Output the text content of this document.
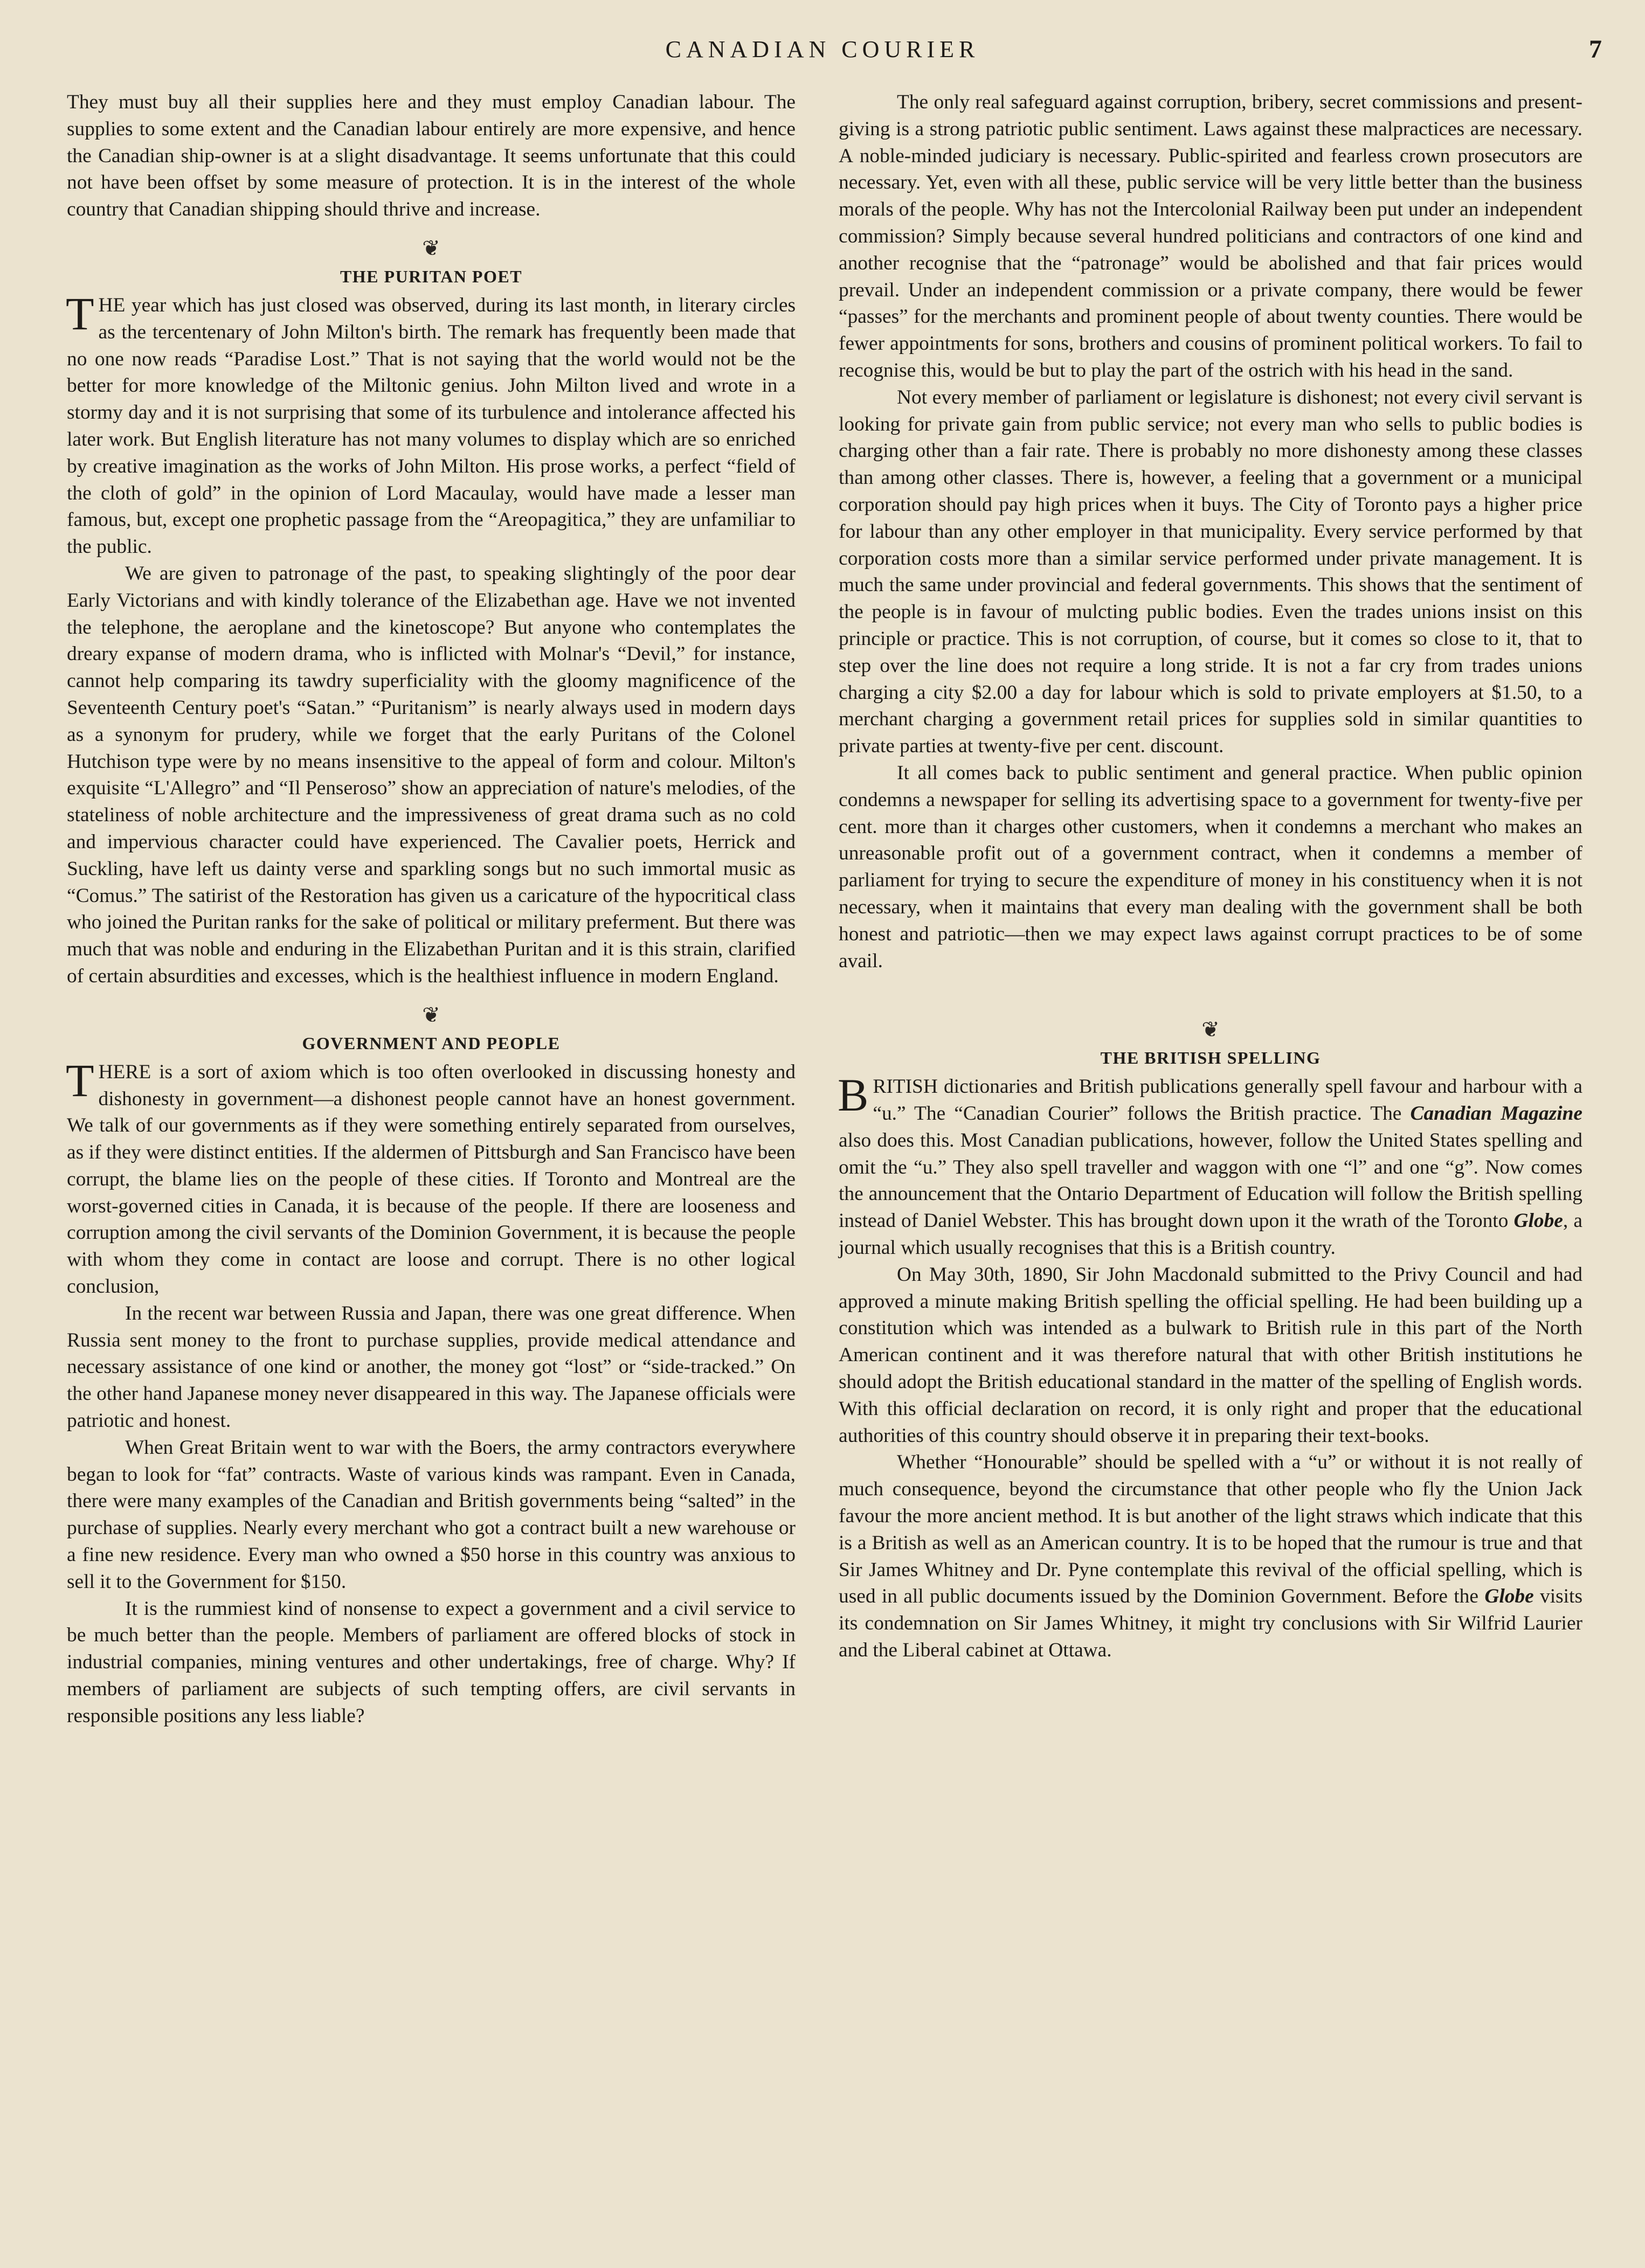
CANADIAN COURIER	7

They must buy all their supplies here and they must employ Canadian labour. The supplies to some extent and the Canadian labour entirely are more expensive, and hence the Canadian ship-owner is at a slight disadvantage. It seems unfortunate that this could not have been offset by some measure of protection. It is in the interest of the whole country that Canadian shipping should thrive and increase.

❦
THE PURITAN POET

THE year which has just closed was observed, during its last month, in literary circles as the tercentenary of John Milton's birth. The remark has frequently been made that no one now reads “Paradise Lost.” That is not saying that the world would not be the better for more knowledge of the Miltonic genius. John Milton lived and wrote in a stormy day and it is not surprising that some of its turbulence and intolerance affected his later work. But English literature has not many volumes to display which are so enriched by creative imagination as the works of John Milton. His prose works, a perfect “field of the cloth of gold” in the opinion of Lord Macaulay, would have made a lesser man famous, but, except one prophetic passage from the “Areopagitica,” they are unfamiliar to the public.

We are given to patronage of the past, to speaking slightingly of the poor dear Early Victorians and with kindly tolerance of the Elizabethan age. Have we not invented the telephone, the aeroplane and the kinetoscope? But anyone who contemplates the dreary expanse of modern drama, who is inflicted with Molnar's “Devil,” for instance, cannot help comparing its tawdry superficiality with the gloomy magnificence of the Seventeenth Century poet's “Satan.” “Puritanism” is nearly always used in modern days as a synonym for prudery, while we forget that the early Puritans of the Colonel Hutchison type were by no means insensitive to the appeal of form and colour. Milton's exquisite “L'Allegro” and “Il Penseroso” show an appreciation of nature's melodies, of the stateliness of noble architecture and the impressiveness of great drama such as no cold and impervious character could have experienced. The Cavalier poets, Herrick and Suckling, have left us dainty verse and sparkling songs but no such immortal music as “Comus.” The satirist of the Restoration has given us a caricature of the hypocritical class who joined the Puritan ranks for the sake of political or military preferment. But there was much that was noble and enduring in the Elizabethan Puritan and it is this strain, clarified of certain absurdities and excesses, which is the healthiest influence in modern England.

❦
GOVERNMENT AND PEOPLE

THERE is a sort of axiom which is too often overlooked in discussing honesty and dishonesty in government—a dishonest people cannot have an honest government. We talk of our governments as if they were something entirely separated from ourselves, as if they were distinct entities. If the aldermen of Pittsburgh and San Francisco have been corrupt, the blame lies on the people of these cities. If Toronto and Montreal are the worst-governed cities in Canada, it is because of the people. If there are looseness and corruption among the civil servants of the Dominion Government, it is because the people with whom they come in contact are loose and corrupt. There is no other logical conclusion,

In the recent war between Russia and Japan, there was one great difference. When Russia sent money to the front to purchase supplies, provide medical attendance and necessary assistance of one kind or another, the money got “lost” or “side-tracked.” On the other hand Japanese money never disappeared in this way. The Japanese officials were patriotic and honest.

When Great Britain went to war with the Boers, the army contractors everywhere began to look for “fat” contracts. Waste of various kinds was rampant. Even in Canada, there were many examples of the Canadian and British governments being “salted” in the purchase of supplies. Nearly every merchant who got a contract built a new warehouse or a fine new residence. Every man who owned a $50 horse in this country was anxious to sell it to the Government for $150.

It is the rummiest kind of nonsense to expect a government and a civil service to be much better than the people. Members of parliament are offered blocks of stock in industrial companies, mining ventures and other undertakings, free of charge. Why? If members of parliament are subjects of such tempting offers, are civil servants in responsible positions any less liable?

The only real safeguard against corruption, bribery, secret commissions and present-giving is a strong patriotic public sentiment. Laws against these malpractices are necessary. A noble-minded judiciary is necessary. Public-spirited and fearless crown prosecutors are necessary. Yet, even with all these, public service will be very little better than the business morals of the people. Why has not the Intercolonial Railway been put under an independent commission? Simply because several hundred politicians and contractors of one kind and another recognise that the “patronage” would be abolished and that fair prices would prevail. Under an independent commission or a private company, there would be fewer “passes” for the merchants and prominent people of about twenty counties. There would be fewer appointments for sons, brothers and cousins of prominent political workers. To fail to recognise this, would be but to play the part of the ostrich with his head in the sand.

Not every member of parliament or legislature is dishonest; not every civil servant is looking for private gain from public service; not every man who sells to public bodies is charging other than a fair rate. There is probably no more dishonesty among these classes than among other classes. There is, however, a feeling that a government or a municipal corporation should pay high prices when it buys. The City of Toronto pays a higher price for labour than any other employer in that municipality. Every service performed by that corporation costs more than a similar service performed under private management. It is much the same under provincial and federal governments. This shows that the sentiment of the people is in favour of mulcting public bodies. Even the trades unions insist on this principle or practice. This is not corruption, of course, but it comes so close to it, that to step over the line does not require a long stride. It is not a far cry from trades unions charging a city $2.00 a day for labour which is sold to private employers at $1.50, to a merchant charging a government retail prices for supplies sold in similar quantities to private parties at twenty-five per cent. discount.

It all comes back to public sentiment and general practice. When public opinion condemns a newspaper for selling its advertising space to a government for twenty-five per cent. more than it charges other customers, when it condemns a merchant who makes an unreasonable profit out of a government contract, when it condemns a member of parliament for trying to secure the expenditure of money in his constituency when it is not necessary, when it maintains that every man dealing with the government shall be both honest and patriotic—then we may expect laws against corrupt practices to be of some avail.

❦
THE BRITISH SPELLING

BRITISH dictionaries and British publications generally spell favour and harbour with a “u.” The “Canadian Courier” follows the British practice. The Canadian Magazine also does this. Most Canadian publications, however, follow the United States spelling and omit the “u.” They also spell traveller and waggon with one “l” and one “g”. Now comes the announcement that the Ontario Department of Education will follow the British spelling instead of Daniel Webster. This has brought down upon it the wrath of the Toronto Globe, a journal which usually recognises that this is a British country.

On May 30th, 1890, Sir John Macdonald submitted to the Privy Council and had approved a minute making British spelling the official spelling. He had been building up a constitution which was intended as a bulwark to British rule in this part of the North American continent and it was therefore natural that with other British institutions he should adopt the British educational standard in the matter of the spelling of English words. With this official declaration on record, it is only right and proper that the educational authorities of this country should observe it in preparing their text-books.

Whether “Honourable” should be spelled with a “u” or without it is not really of much consequence, beyond the circumstance that other people who fly the Union Jack favour the more ancient method. It is but another of the light straws which indicate that this is a British as well as an American country. It is to be hoped that the rumour is true and that Sir James Whitney and Dr. Pyne contemplate this revival of the official spelling, which is used in all public documents issued by the Dominion Government. Before the Globe visits its condemnation on Sir James Whitney, it might try conclusions with Sir Wilfrid Laurier and the Liberal cabinet at Ottawa.
